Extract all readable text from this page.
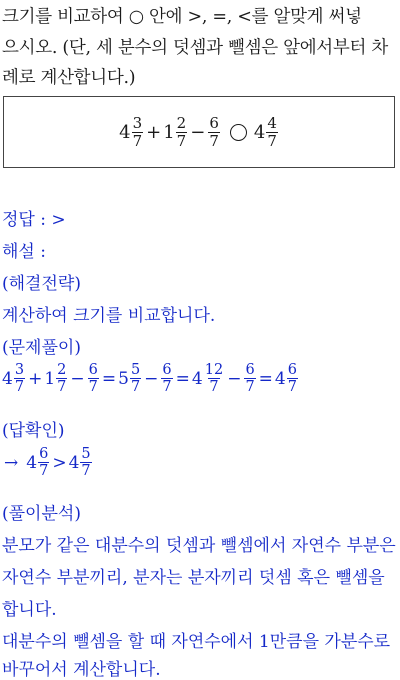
크기를 비교하여 ○ 안에 >, =, <를 알맞게 써넣
으시오. (단, 세 분수의 덧셈과 뺄셈은 앞에서부터 차
례로 계산합니다.)
$4 \frac{3}{7} + 1 \frac{2}{7} - \frac{6}{7} 4 \frac{4}{7}$
정답 : >
해설 :
(해결전략)
계산하여 크기를 비교합니다.
(문제풀이)
$4 \frac{3}{7} + 1 \frac{2}{7} - \frac{6}{7} = 5 \frac{5}{7} - \frac{6}{7} = 4 \frac{12}{7} - \frac{6}{7} = 4 \frac{6}{7}$
(답확인)
→ $4 \frac{6}{7} > 4 \frac{5}{7}$
(풀이분석)
분모가 같은 대분수의 덧셈과 뺄셈에서 자연수 부분은
자연수 부분끼리, 분자는 분자끼리 덧셈 혹은 뺄셈을
합니다.
대분수의 뺄셈을 할 때 자연수에서 1만큼을 가분수로
바꾸어서 계산합니다.
